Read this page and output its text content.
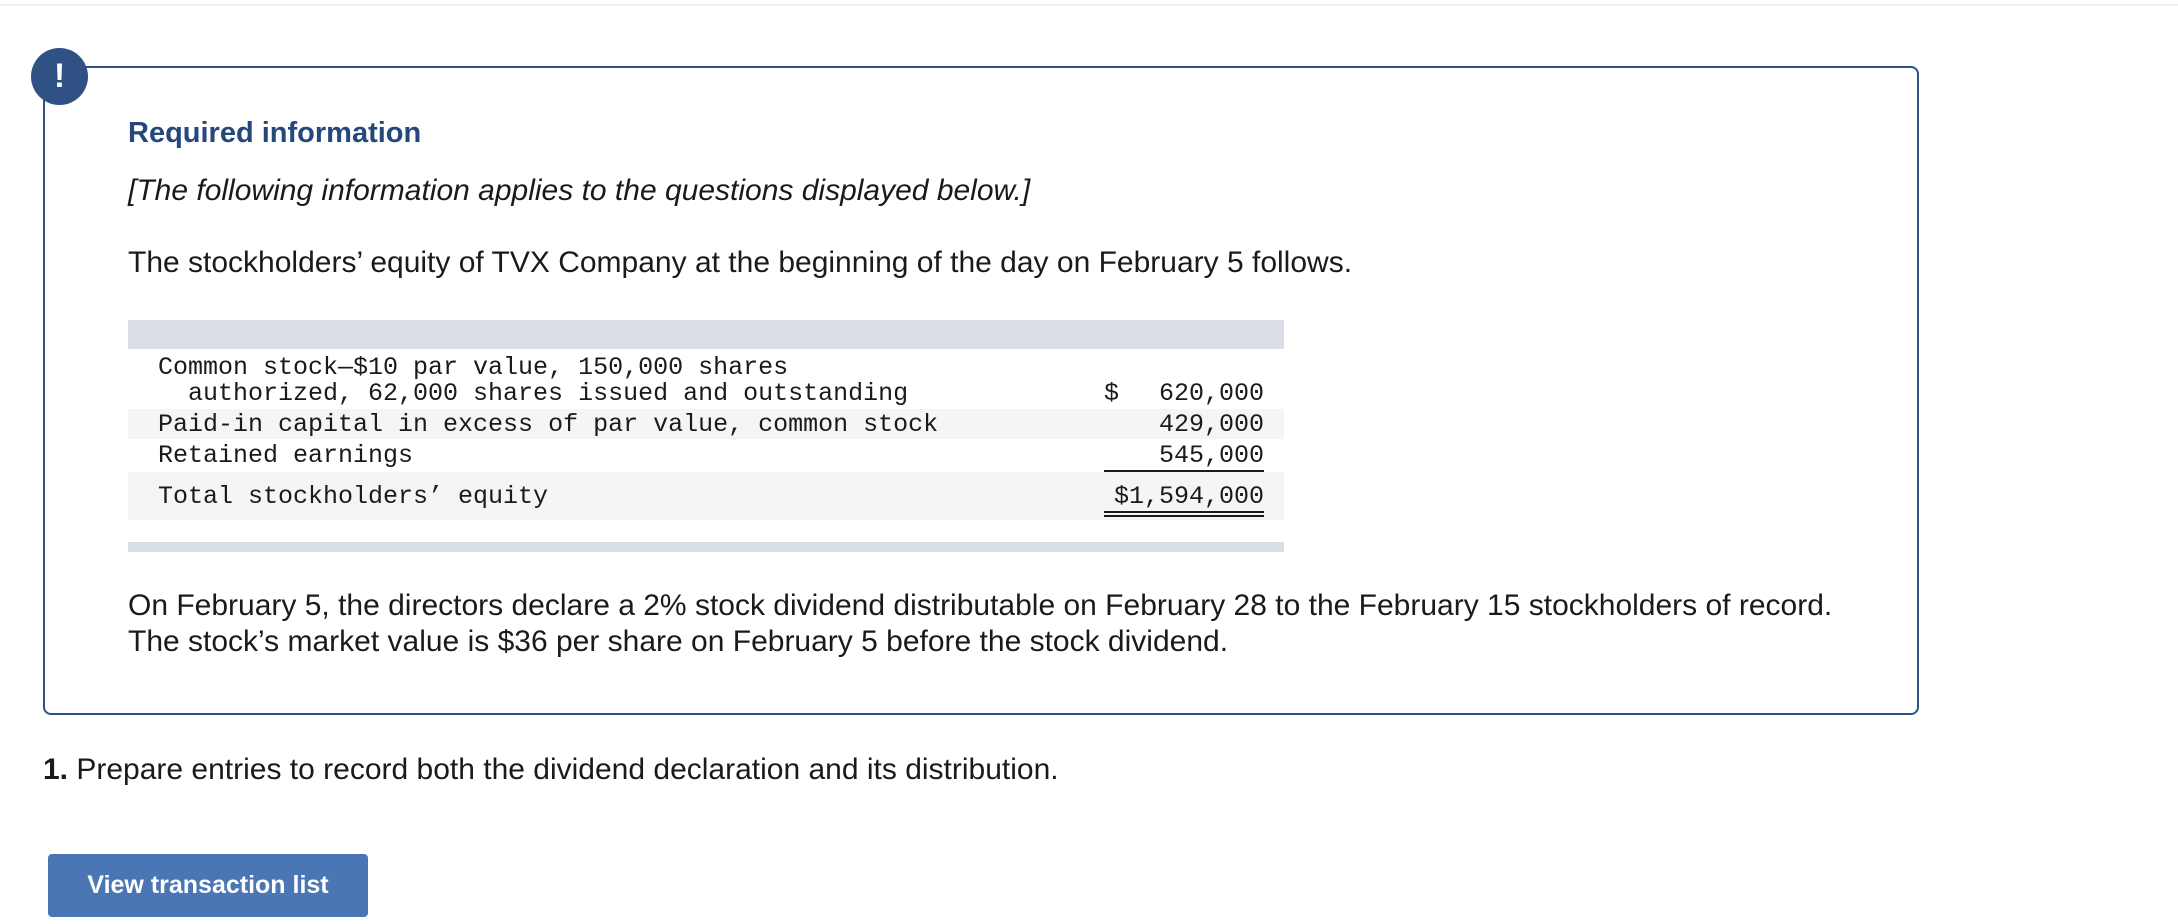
!
Required information
[The following information applies to the questions displayed below.]
The stockholders’ equity of TVX Company at the beginning of the day on February 5 follows.
Common stock—$10 par value, 150,000 shares
authorized, 62,000 shares issued and outstanding	$ 620,000
Paid-in capital in excess of par value, common stock	429,000
Retained earnings	545,000
Total stockholders’ equity	$1,594,000
On February 5, the directors declare a 2% stock dividend distributable on February 28 to the February 15 stockholders of record. The stock’s market value is $36 per share on February 5 before the stock dividend.
1. Prepare entries to record both the dividend declaration and its distribution.
View transaction list
